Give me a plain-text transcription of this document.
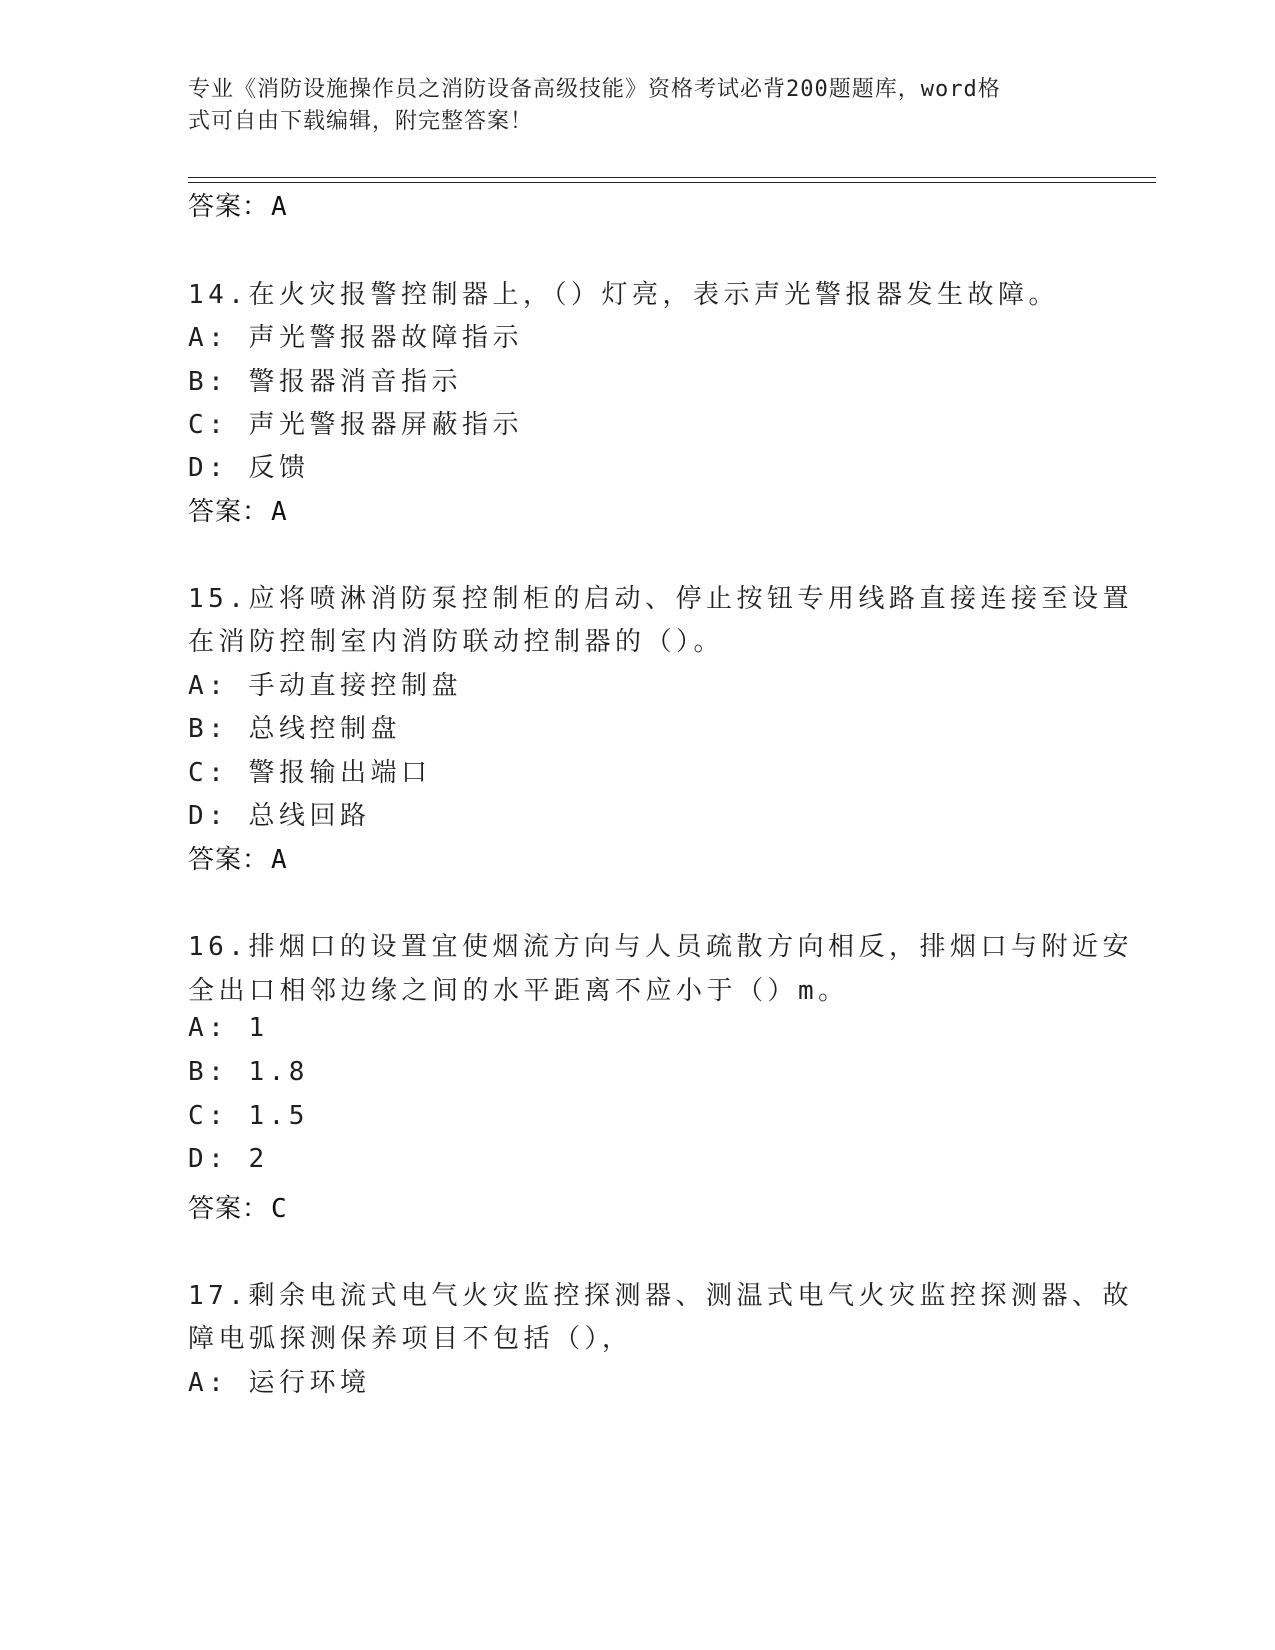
专业《消防设施操作员之消防设备高级技能》资格考试必背200题题库，word格
式可自由下载编辑，附完整答案！
答案：A
14.在火灾报警控制器上，（）灯亮，表示声光警报器发生故障。
A: 声光警报器故障指示
B: 警报器消音指示
C: 声光警报器屏蔽指示
D: 反馈
答案：A
15.应将喷淋消防泵控制柜的启动、停止按钮专用线路直接连接至设置
在消防控制室内消防联动控制器的（）。
A: 手动直接控制盘
B: 总线控制盘
C: 警报输出端口
D: 总线回路
答案：A
16.排烟口的设置宜使烟流方向与人员疏散方向相反，排烟口与附近安
全出口相邻边缘之间的水平距离不应小于（）m。
A: 1
B: 1.8
C: 1.5
D: 2
答案：C
17.剩余电流式电气火灾监控探测器、测温式电气火灾监控探测器、故
障电弧探测保养项目不包括（），
A: 运行环境
